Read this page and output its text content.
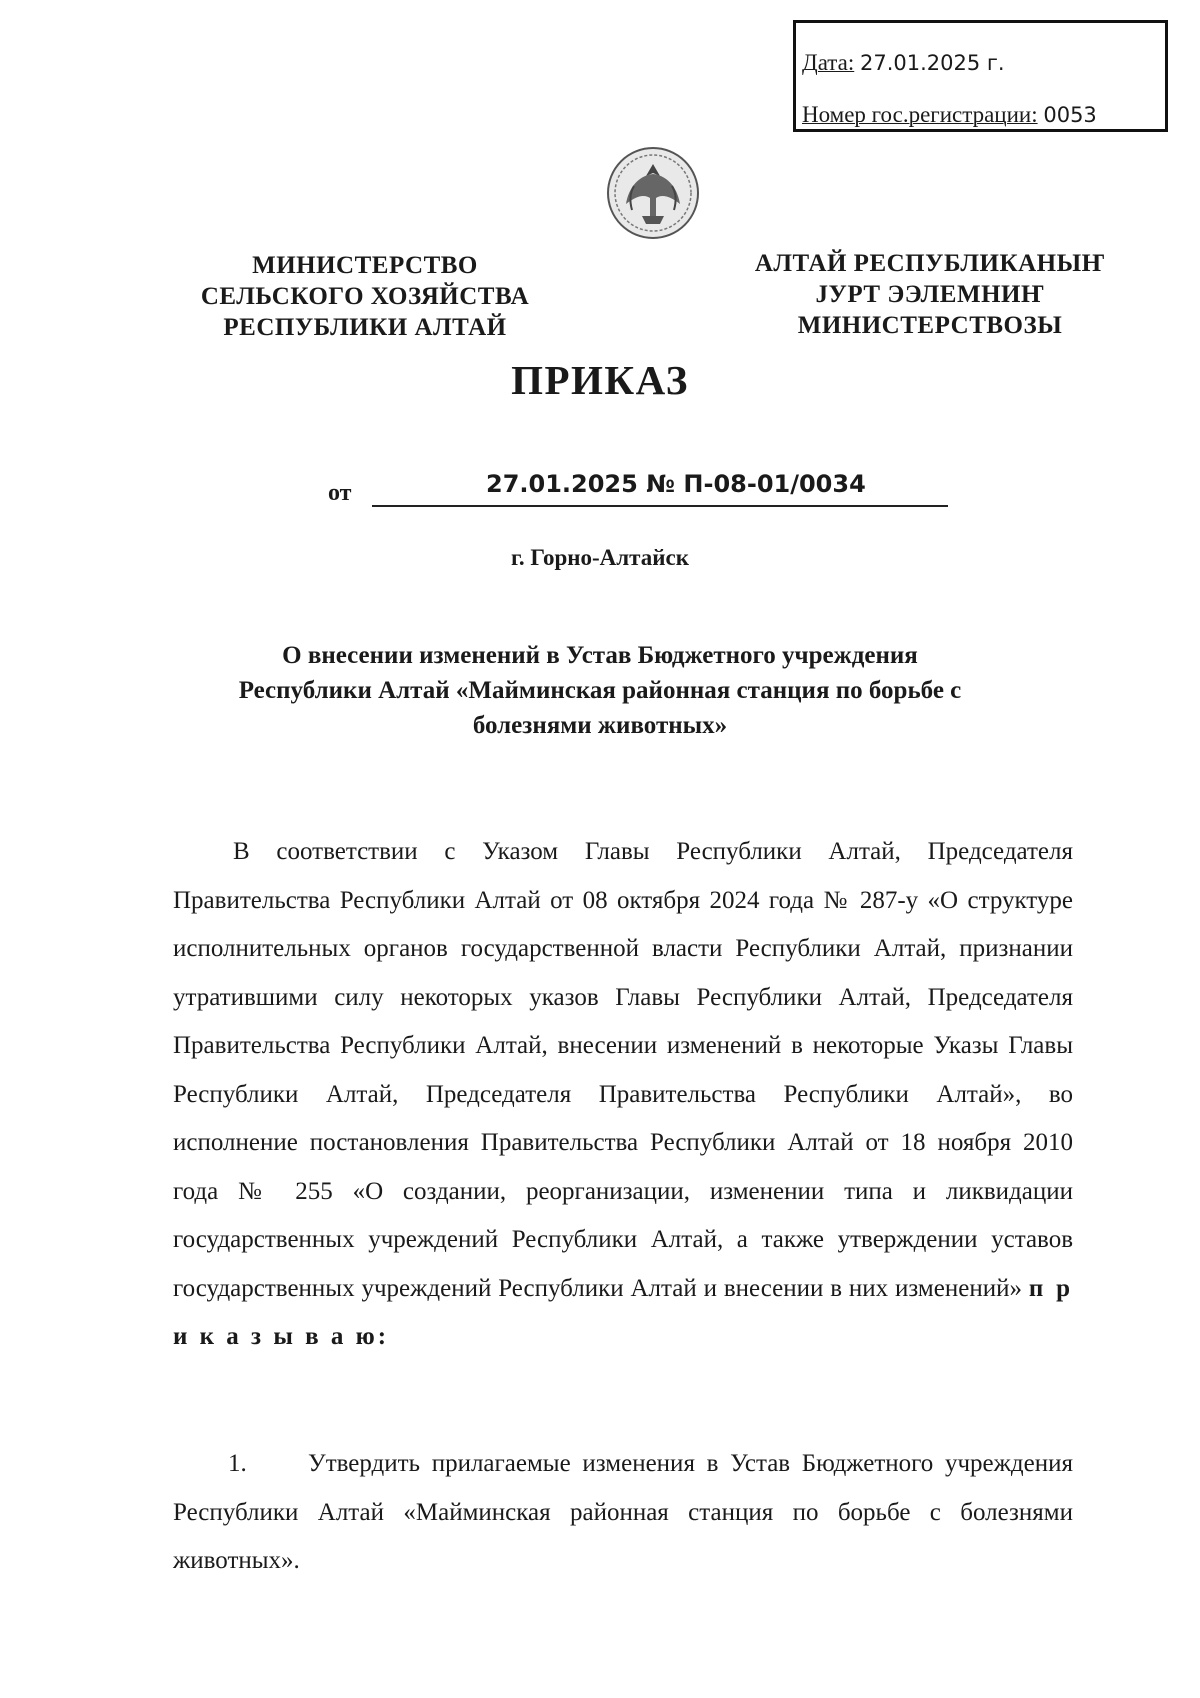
Дата: 27.01.2025 г.
Номер гос.регистрации: 0053
МИНИСТЕРСТВО
СЕЛЬСКОГО ХОЗЯЙСТВА
РЕСПУБЛИКИ АЛТАЙ
АЛТАЙ РЕСПУБЛИКАНЫҤ
ЈУРТ ЭЭЛЕМНИҤ
МИНИСТЕРСТВОЗЫ
ПРИКАЗ
от	27.01.2025 № П-08-01/0034
г. Горно-Алтайск
О внесении изменений в Устав Бюджетного учреждения
Республики Алтай «Майминская районная станция по борьбе с
болезнями животных»
В соответствии с Указом Главы Республики Алтай, Председателя Правительства Республики Алтай от 08 октября 2024 года № 287-у «О структуре исполнительных органов государственной власти Республики Алтай, признании утратившими силу некоторых указов Главы Республики Алтай, Председателя Правительства Республики Алтай, внесении изменений в некоторые Указы Главы Республики Алтай, Председателя Правительства Республики Алтай», во исполнение постановления Правительства Республики Алтай от 18 ноября 2010 года № 255 «О создании, реорганизации, изменении типа и ликвидации государственных учреждений Республики Алтай, а также утверждении уставов государственных учреждений Республики Алтай и внесении в них изменений» п р и к а з ы в а ю:
1. Утвердить прилагаемые изменения в Устав Бюджетного учреждения Республики Алтай «Майминская районная станция по борьбе с болезнями животных».
